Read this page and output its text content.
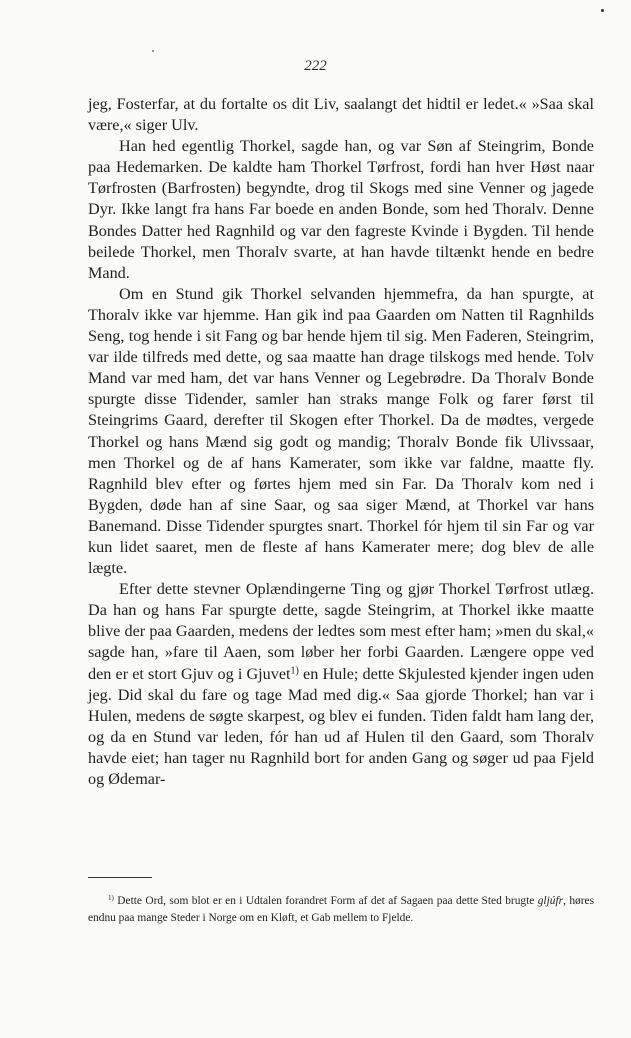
222

jeg, Fosterfar, at du fortalte os dit Liv, saalangt det hidtil er ledet.« »Saa skal være,« siger Ulv.

Han hed egentlig Thorkel, sagde han, og var Søn af Steingrim, Bonde paa Hedemarken. De kaldte ham Thorkel Tørfrost, fordi han hver Høst naar Tørfrosten (Barfrosten) begyndte, drog til Skogs med sine Venner og jagede Dyr. Ikke langt fra hans Far boede en anden Bonde, som hed Thoralv. Denne Bondes Datter hed Ragnhild og var den fagreste Kvinde i Bygden. Til hende beilede Thorkel, men Thoralv svarte, at han havde tiltænkt hende en bedre Mand.

Om en Stund gik Thorkel selvanden hjemmefra, da han spurgte, at Thoralv ikke var hjemme. Han gik ind paa Gaarden om Natten til Ragnhilds Seng, tog hende i sit Fang og bar hende hjem til sig. Men Faderen, Steingrim, var ilde tilfreds med dette, og saa maatte han drage tilskogs med hende. Tolv Mand var med ham, det var hans Venner og Legebrødre. Da Thoralv Bonde spurgte disse Tidender, samler han straks mange Folk og farer først til Steingrims Gaard, derefter til Skogen efter Thorkel. Da de mødtes, vergede Thorkel og hans Mænd sig godt og mandig; Thoralv Bonde fik Ulivssaar, men Thorkel og de af hans Kamerater, som ikke var faldne, maatte fly. Ragnhild blev efter og førtes hjem med sin Far. Da Thoralv kom ned i Bygden, døde han af sine Saar, og saa siger Mænd, at Thorkel var hans Banemand. Disse Tidender spurgtes snart. Thorkel fór hjem til sin Far og var kun lidet saaret, men de fleste af hans Kamerater mere; dog blev de alle lægte.

Efter dette stevner Oplændingerne Ting og gjør Thorkel Tørfrost utlæg. Da han og hans Far spurgte dette, sagde Steingrim, at Thorkel ikke maatte blive der paa Gaarden, medens der ledtes som mest efter ham; »men du skal,« sagde han, »fare til Aaen, som løber her forbi Gaarden. Længere oppe ved den er et stort Gjuv og i Gjuvet$^{1)}$ en Hule; dette Skjulested kjender ingen uden jeg. Did skal du fare og tage Mad med dig.« Saa gjorde Thorkel; han var i Hulen, medens de søgte skarpest, og blev ei funden. Tiden faldt ham lang der, og da en Stund var leden, fór han ud af Hulen til den Gaard, som Thoralv havde eiet; han tager nu Ragnhild bort for anden Gang og søger ud paa Fjeld og Ødemar-

$^{1)}$ Dette Ord, som blot er en i Udtalen forandret Form af det af Sagaen paa dette Sted brugte gljúfr, høres endnu paa mange Steder i Norge om en Kløft, et Gab mellem to Fjelde.
